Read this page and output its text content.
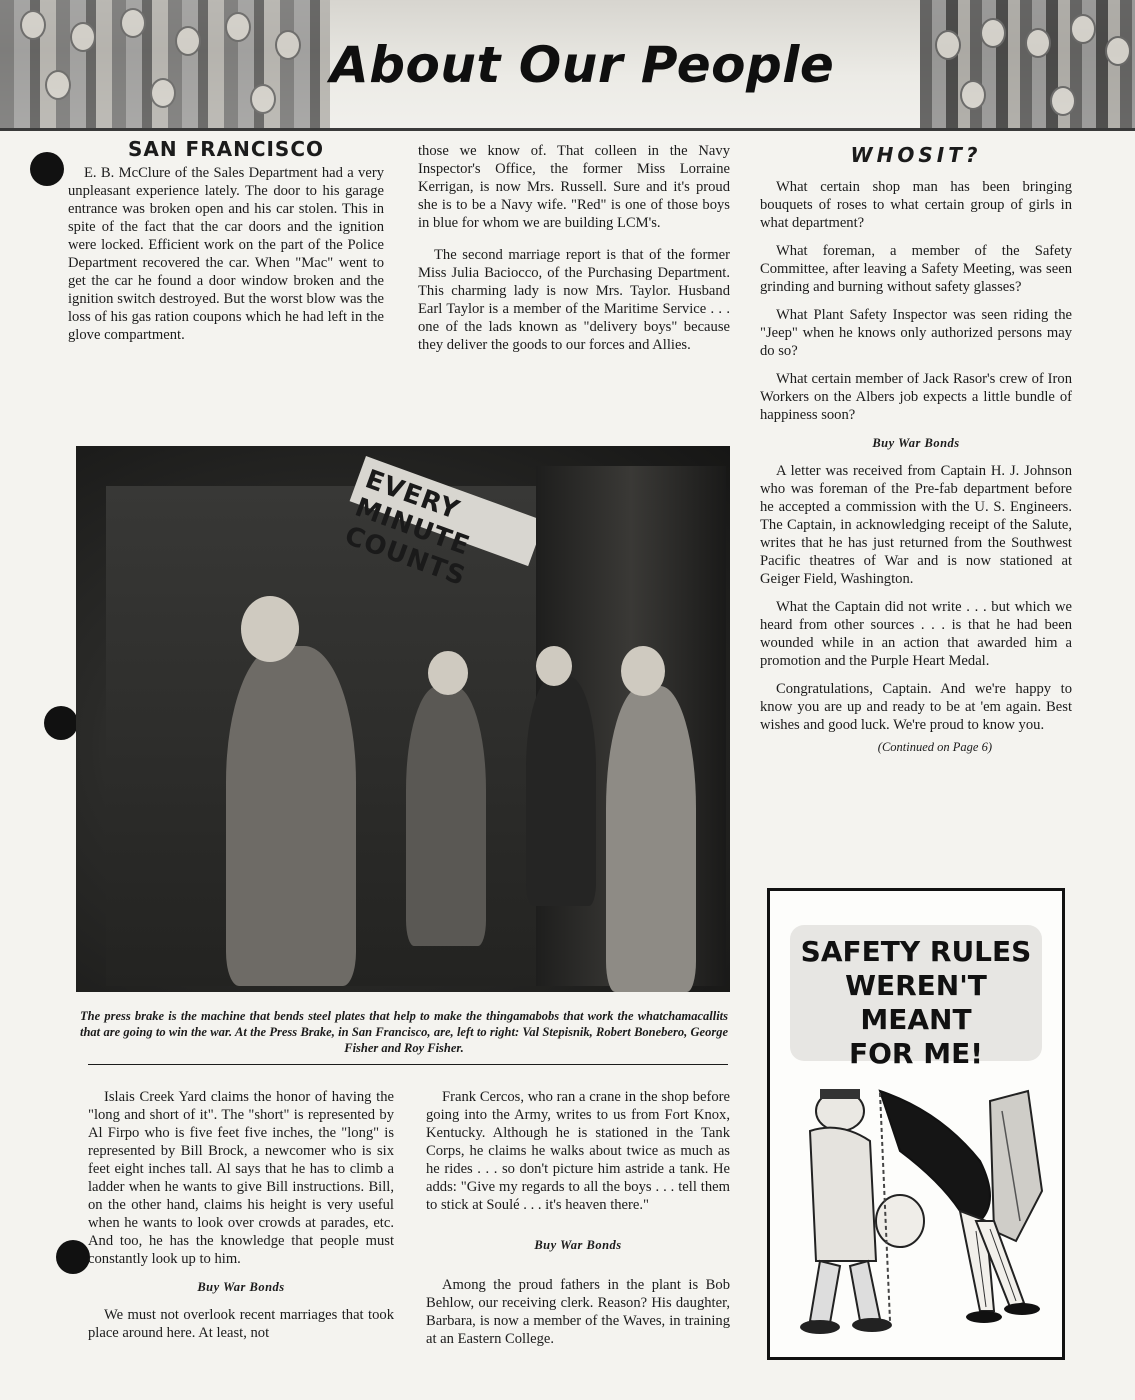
About Our People
SAN FRANCISCO

E. B. McClure of the Sales Department had a very unpleasant experience lately. The door to his garage entrance was broken open and his car stolen. This in spite of the fact that the car doors and the ignition were locked. Efficient work on the part of the Police Department recovered the car. When "Mac" went to get the car he found a door window broken and the ignition switch destroyed. But the worst blow was the loss of his gas ration coupons which he had left in the glove compartment.

those we know of. That colleen in the Navy Inspector's Office, the former Miss Lorraine Kerrigan, is now Mrs. Russell. Sure and it's proud she is to be a Navy wife. "Red" is one of those boys in blue for whom we are building LCM's.

The second marriage report is that of the former Miss Julia Baciocco, of the Purchasing Department. This charming lady is now Mrs. Taylor. Husband Earl Taylor is a member of the Maritime Service . . . one of the lads known as "delivery boys" because they deliver the goods to our forces and Allies.

WHOSIT?

What certain shop man has been bringing bouquets of roses to what certain group of girls in what department?

What foreman, a member of the Safety Committee, after leaving a Safety Meeting, was seen grinding and burning without safety glasses?

What Plant Safety Inspector was seen riding the "Jeep" when he knows only authorized persons may do so?

What certain member of Jack Rasor's crew of Iron Workers on the Albers job expects a little bundle of happiness soon?

Buy War Bonds

A letter was received from Captain H. J. Johnson who was foreman of the Pre-fab department before he accepted a commission with the U. S. Engineers. The Captain, in acknowledging receipt of the Salute, writes that he has just returned from the Southwest Pacific theatres of War and is now stationed at Geiger Field, Washington.

What the Captain did not write . . . but which we heard from other sources . . . is that he had been wounded while in an action that awarded him a promotion and the Purple Heart Medal.

Congratulations, Captain. And we're happy to know you are up and ready to be at 'em again. Best wishes and good luck. We're proud to know you.

(Continued on Page 6)
EVERY MINUTE COUNTS
The press brake is the machine that bends steel plates that help to make the thingamabobs that work the whatchamacallits that are going to win the war. At the Press Brake, in San Francisco, are, left to right: Val Stepisnik, Robert Bonebero, George Fisher and Roy Fisher.

Islais Creek Yard claims the honor of having the "long and short of it". The "short" is represented by Al Firpo who is five feet five inches, the "long" is represented by Bill Brock, a newcomer who is six feet eight inches tall. Al says that he has to climb a ladder when he wants to give Bill instructions. Bill, on the other hand, claims his height is very useful when he wants to look over crowds at parades, etc. And too, he has the knowledge that people must constantly look up to him.

Buy War Bonds

We must not overlook recent marriages that took place around here. At least, not

Frank Cercos, who ran a crane in the shop before going into the Army, writes to us from Fort Knox, Kentucky. Although he is stationed in the Tank Corps, he claims he walks about twice as much as he rides . . . so don't picture him astride a tank. He adds: "Give my regards to all the boys . . . tell them to stick at Soulé . . . it's heaven there."

Buy War Bonds

Among the proud fathers in the plant is Bob Behlow, our receiving clerk. Reason? His daughter, Barbara, is now a member of the Waves, in training at an Eastern College.

SAFETY RULES
WEREN'T MEANT
FOR ME!
